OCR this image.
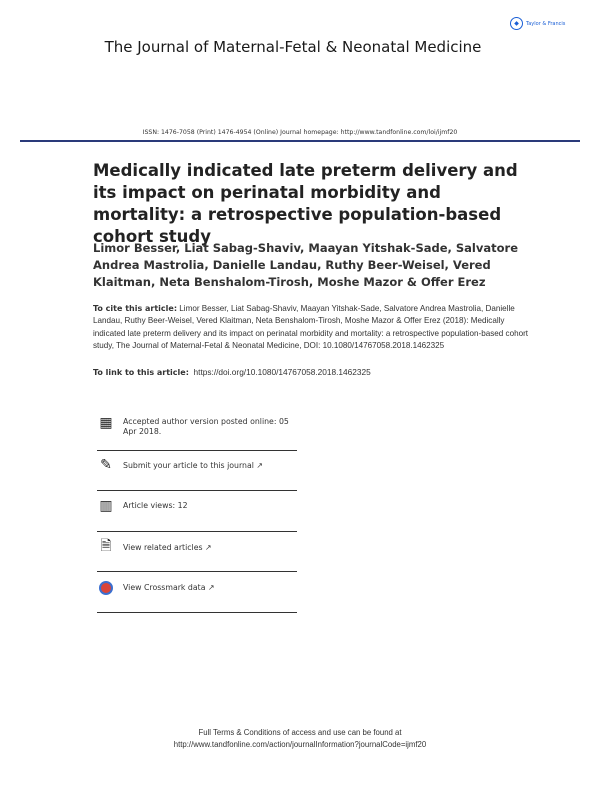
◆	Taylor & Francis
The Journal of Maternal-Fetal & Neonatal Medicine
ISSN: 1476-7058 (Print) 1476-4954 (Online) Journal homepage: http://www.tandfonline.com/loi/ijmf20
Medically indicated late preterm delivery and its impact on perinatal morbidity and mortality: a retrospective population-based cohort study
Limor Besser, Liat Sabag-Shaviv, Maayan Yitshak-Sade, Salvatore Andrea Mastrolia, Danielle Landau, Ruthy Beer-Weisel, Vered Klaitman, Neta Benshalom-Tirosh, Moshe Mazor & Offer Erez
To cite this article: Limor Besser, Liat Sabag-Shaviv, Maayan Yitshak-Sade, Salvatore Andrea Mastrolia, Danielle Landau, Ruthy Beer-Weisel, Vered Klaitman, Neta Benshalom-Tirosh, Moshe Mazor & Offer Erez (2018): Medically indicated late preterm delivery and its impact on perinatal morbidity and mortality: a retrospective population-based cohort study, The Journal of Maternal-Fetal & Neonatal Medicine, DOI: 10.1080/14767058.2018.1462325
To link to this article: https://doi.org/10.1080/14767058.2018.1462325
▦	Accepted author version posted online: 05 Apr 2018.
✎	Submit your article to this journal ↗
▥	Article views: 12
🗎	View related articles ↗
View Crossmark data ↗
Full Terms & Conditions of access and use can be found at
http://www.tandfonline.com/action/journalInformation?journalCode=ijmf20
